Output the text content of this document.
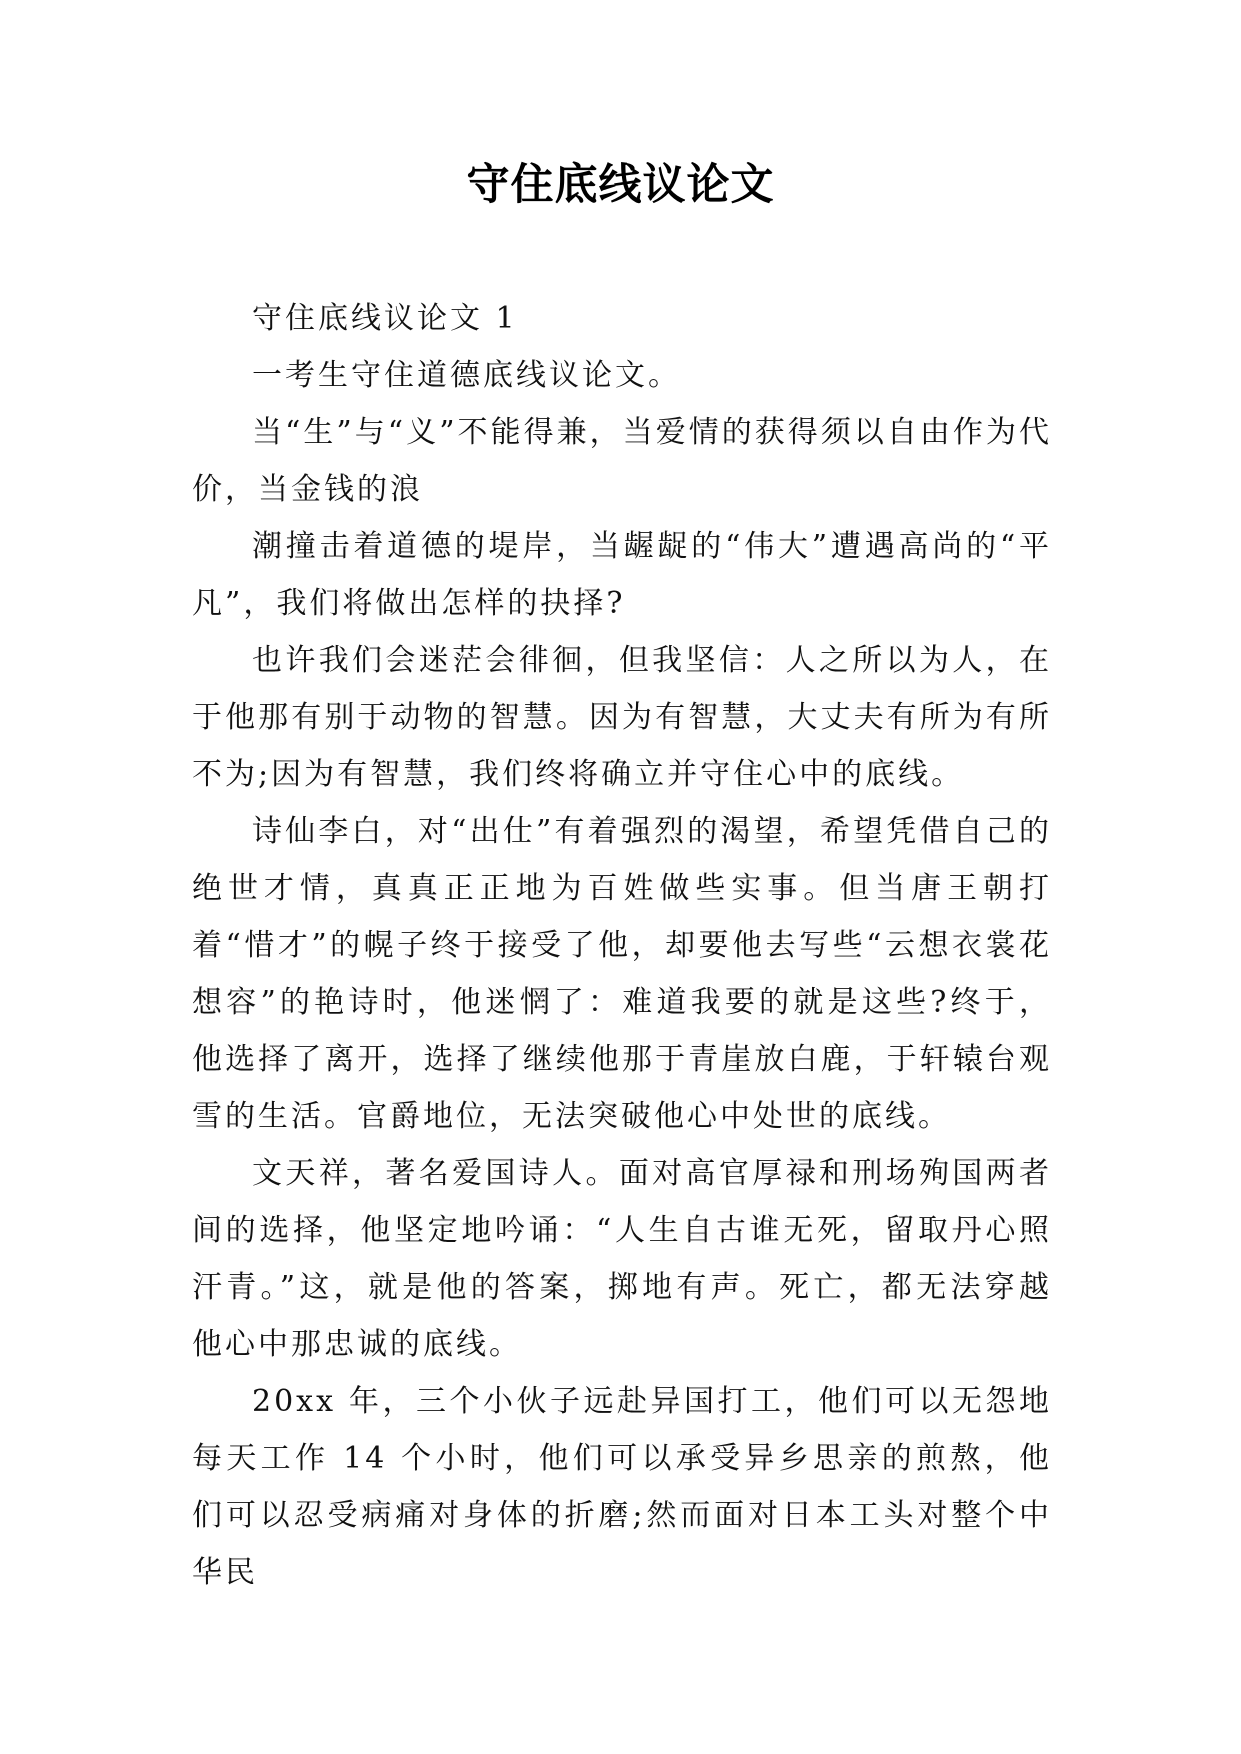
守住底线议论文

守住底线议论文 1

一考生守住道德底线议论文。

当“生”与“义”不能得兼，当爱情的获得须以自由作为代价，当金钱的浪

潮撞击着道德的堤岸，当龌龊的“伟大”遭遇高尚的“平凡”，我们将做出怎样的抉择?

也许我们会迷茫会徘徊，但我坚信：人之所以为人，在于他那有别于动物的智慧。因为有智慧，大丈夫有所为有所不为;因为有智慧，我们终将确立并守住心中的底线。

诗仙李白，对“出仕”有着强烈的渴望，希望凭借自己的绝世才情，真真正正地为百姓做些实事。但当唐王朝打着“惜才”的幌子终于接受了他，却要他去写些“云想衣裳花想容”的艳诗时，他迷惘了：难道我要的就是这些?终于，他选择了离开，选择了继续他那于青崖放白鹿，于轩辕台观雪的生活。官爵地位，无法突破他心中处世的底线。

文天祥，著名爱国诗人。面对高官厚禄和刑场殉国两者间的选择，他坚定地吟诵：“人生自古谁无死，留取丹心照汗青。”这，就是他的答案，掷地有声。死亡，都无法穿越他心中那忠诚的底线。

20xx 年，三个小伙子远赴异国打工，他们可以无怨地每天工作 14 个小时，他们可以承受异乡思亲的煎熬，他们可以忍受病痛对身体的折磨;然而面对日本工头对整个中华民
